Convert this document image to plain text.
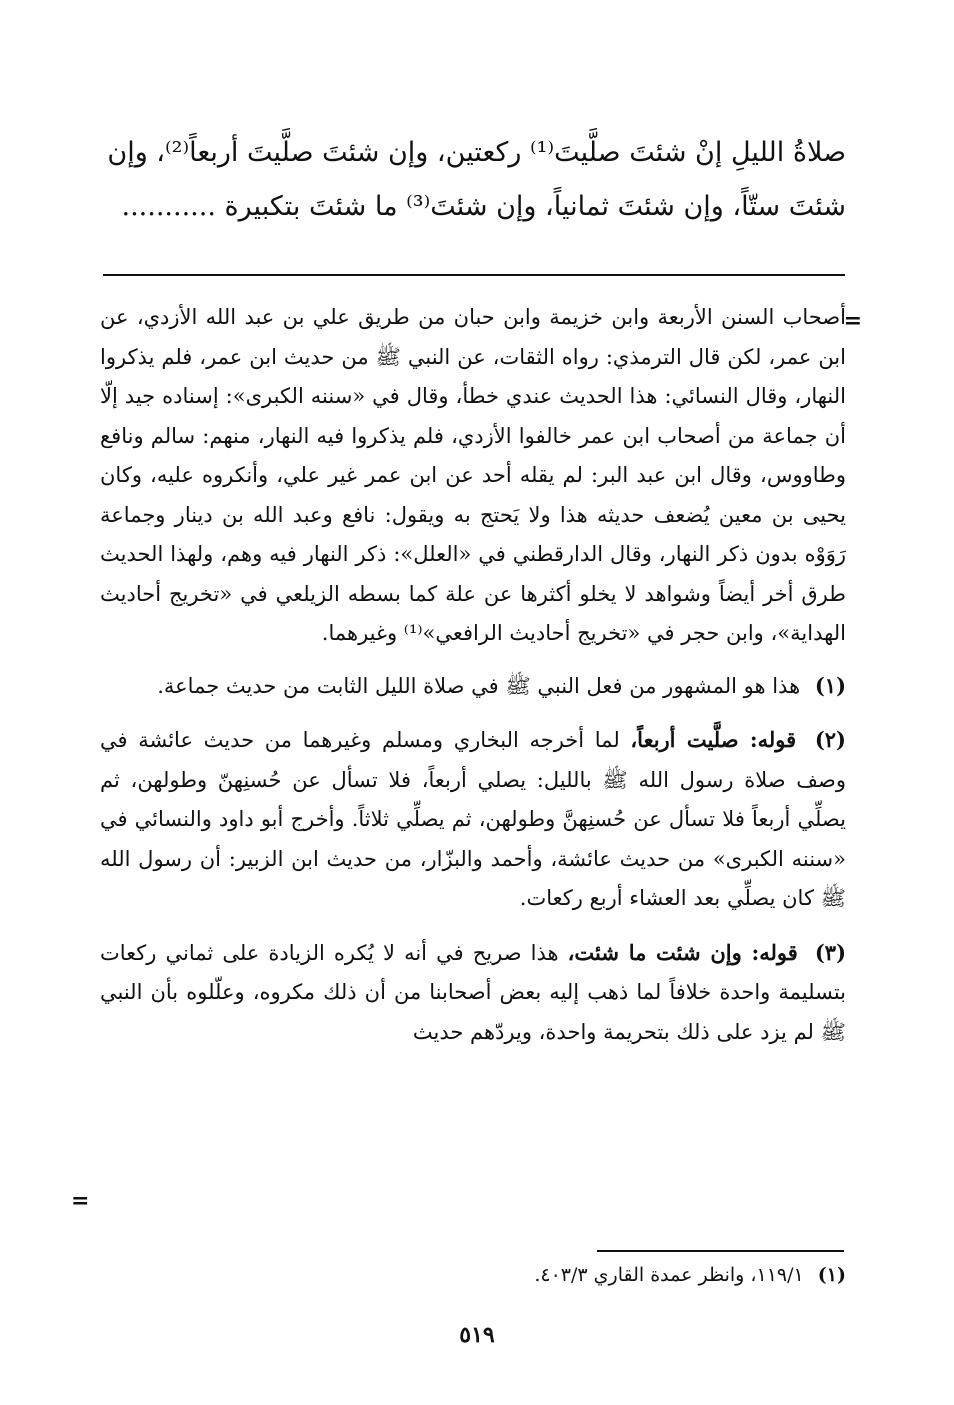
صلاةُ الليلِ إنْ شئتَ صلَّيتَ⁽¹⁾ ركعتين، وإن شئتَ صلَّيتَ أربعاً⁽²⁾، وإن
شئتَ ستّاً، وإن شئتَ ثمانياً، وإن شئتَ⁽³⁾ ما شئتَ بتكبيرة ...........
=

أصحاب السنن الأربعة وابن خزيمة وابن حبان من طريق علي بن عبد الله الأزدي، عن ابن عمر، لكن قال الترمذي: رواه الثقات، عن النبي ﷺ من حديث ابن عمر، فلم يذكروا النهار، وقال النسائي: هذا الحديث عندي خطأ، وقال في «سننه الكبرى»: إسناده جيد إلّا أن جماعة من أصحاب ابن عمر خالفوا الأزدي، فلم يذكروا فيه النهار، منهم: سالم ونافع وطاووس، وقال ابن عبد البر: لم يقله أحد عن ابن عمر غير علي، وأنكروه عليه، وكان يحيى بن معين يُضعف حديثه هذا ولا يَحتج به ويقول: نافع وعبد الله بن دينار وجماعة رَوَوْه بدون ذكر النهار، وقال الدارقطني في «العلل»: ذكر النهار فيه وهم، ولهذا الحديث طرق أخر أيضاً وشواهد لا يخلو أكثرها عن علة كما بسطه الزيلعي في «تخريج أحاديث الهداية»، وابن حجر في «تخريج أحاديث الرافعي»⁽¹⁾ وغيرهما.

(١) هذا هو المشهور من فعل النبي ﷺ في صلاة الليل الثابت من حديث جماعة.

(٢) قوله: صلَّيت أربعاً، لما أخرجه البخاري ومسلم وغيرهما من حديث عائشة في وصف صلاة رسول الله ﷺ بالليل: يصلي أربعاً، فلا تسأل عن حُسنِهنّ وطولهن، ثم يصلِّي أربعاً فلا تسأل عن حُسنِهنَّ وطولهن، ثم يصلِّي ثلاثاً. وأخرج أبو داود والنسائي في «سننه الكبرى» من حديث عائشة، وأحمد والبزّار، من حديث ابن الزبير: أن رسول الله ﷺ كان يصلِّي بعد العشاء أربع ركعات.

(٣) قوله: وإن شئت ما شئت، هذا صريح في أنه لا يُكره الزيادة على ثماني ركعات بتسليمة واحدة خلافاً لما ذهب إليه بعض أصحابنا من أن ذلك مكروه، وعلّلوه بأن النبي ﷺ لم يزد على ذلك بتحريمة واحدة، ويردّهم حديث

=
(١) ١١٩/١، وانظر عمدة القاري ٤٠٣/٣.
٥١٩
